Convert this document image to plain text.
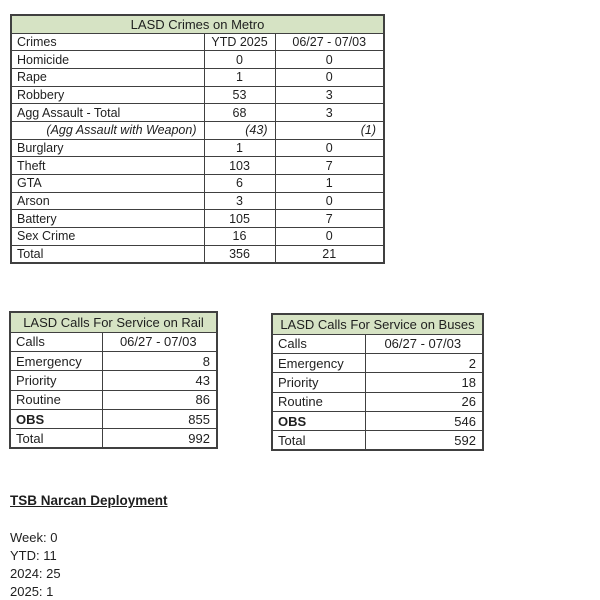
LASD Crimes on Metro		
Crimes	YTD 2025	06/27 - 07/03
Homicide	0	0
Rape	1	0
Robbery	53	3
Agg Assault - Total	68	3
(Agg Assault with Weapon)	(43)	(1)
Burglary	1	0
Theft	103	7
GTA	6	1
Arson	3	0
Battery	105	7
Sex Crime	16	0
Total	356	21
LASD Calls For Service on Rail	
Calls	06/27 - 07/03
Emergency	8
Priority	43
Routine	86
OBS	855
Total	992
LASD Calls For Service on Buses	
Calls	06/27 - 07/03
Emergency	2
Priority	18
Routine	26
OBS	546
Total	592
TSB Narcan Deployment
Week: 0
YTD: 11
2024: 25
2025: 1
